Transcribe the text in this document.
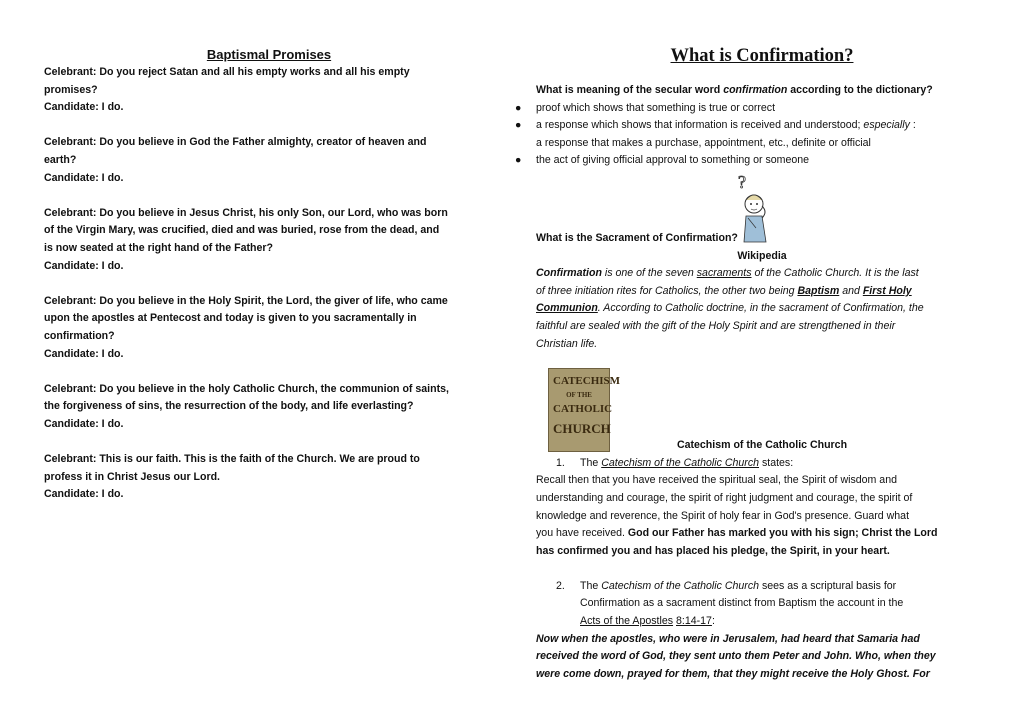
Baptismal Promises
Celebrant: Do you reject Satan and all his empty works and all his empty
promises?
Candidate: I do.
Celebrant: Do you believe in God the Father almighty, creator of heaven and
earth?
Candidate: I do.
Celebrant: Do you believe in Jesus Christ, his only Son, our Lord, who was born
of the Virgin Mary, was crucified, died and was buried, rose from the dead, and
is now seated at the right hand of the Father?
Candidate: I do.
Celebrant: Do you believe in the Holy Spirit, the Lord, the giver of life, who came
upon the apostles at Pentecost and today is given to you sacramentally in
confirmation?
Candidate: I do.
Celebrant: Do you believe in the holy Catholic Church, the communion of saints,
the forgiveness of sins, the resurrection of the body, and life everlasting?
Candidate: I do.
Celebrant: This is our faith. This is the faith of the Church. We are proud to
profess it in Christ Jesus our Lord.
Candidate: I do.
What is Confirmation?
What is meaning of the secular word confirmation according to the dictionary?
● proof which shows that something is true or correct
● a response which shows that information is received and understood; especially :
a response that makes a purchase, appointment, etc., definite or official
● the act of giving official approval to something or someone
What is the Sacrament of Confirmation?
Wikipedia
Confirmation is one of the seven sacraments of the Catholic Church. It is the last
of three initiation rites for Catholics, the other two being Baptism and First Holy
Communion. According to Catholic doctrine, in the sacrament of Confirmation, the
faithful are sealed with the gift of the Holy Spirit and are strengthened in their
Christian life.
Catechism of the Catholic Church
1. The Catechism of the Catholic Church states:
Recall then that you have received the spiritual seal, the Spirit of wisdom and
understanding and courage, the spirit of right judgment and courage, the spirit of
knowledge and reverence, the Spirit of holy fear in God's presence. Guard what
you have received. God our Father has marked you with his sign; Christ the Lord
has confirmed you and has placed his pledge, the Spirit, in your heart.
2. The Catechism of the Catholic Church sees as a scriptural basis for
Confirmation as a sacrament distinct from Baptism the account in the
Acts of the Apostles 8:14-17:
Now when the apostles, who were in Jerusalem, had heard that Samaria had
received the word of God, they sent unto them Peter and John. Who, when they
were come down, prayed for them, that they might receive the Holy Ghost. For
?
CATECHISM
OF THE
CATHOLIC
CHURCH
